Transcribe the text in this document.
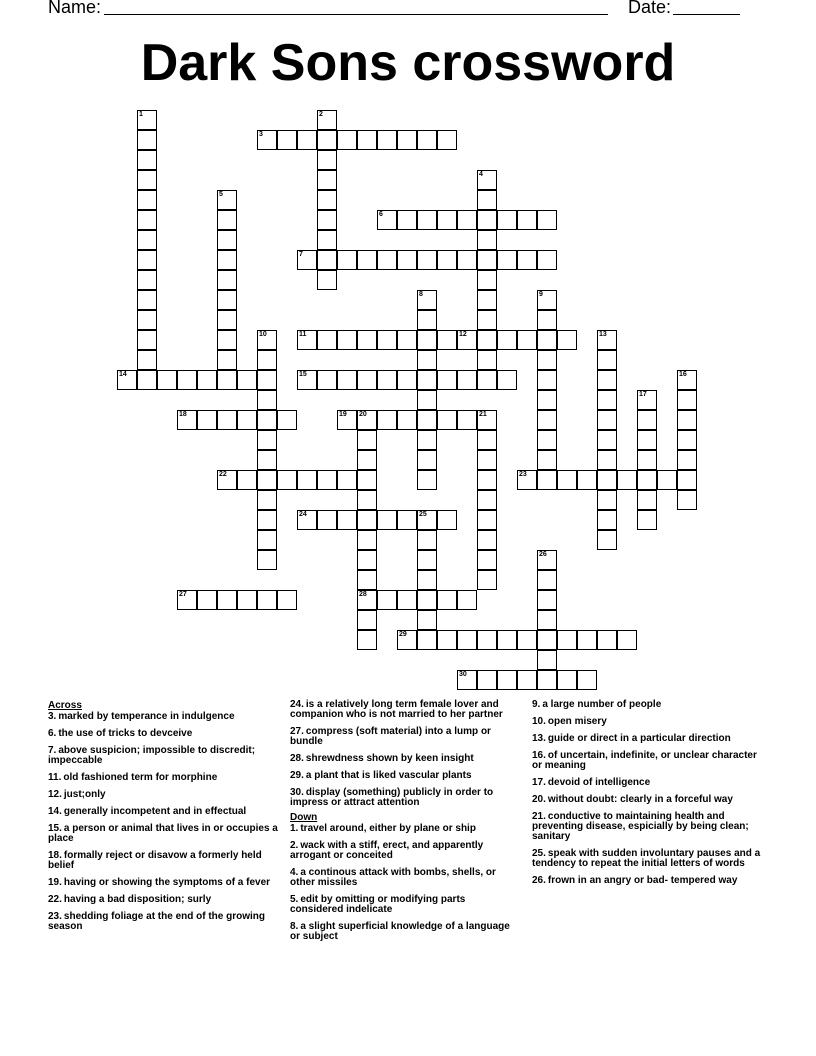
Name:	Date:
Dark Sons crossword
1	2
3
4
5
6
7
8	9
10	11	12	13
14	15	16
17
18	19 20	21
22	23
24	25
26
27	28
29
30
Across
3. marked by temperance in indulgence
6. the use of tricks to devceive
7. above suspicion; impossible to discredit; impeccable
11. old fashioned term for morphine
12. just;only
14. generally incompetent and in effectual
15. a person or animal that lives in or occupies a place
18. formally reject or disavow a formerly held belief
19. having or showing the symptoms of a fever
22. having a bad disposition; surly
23. shedding foliage at the end of the growing season
24. is a relatively long term female lover and companion who is not married to her partner
27. compress (soft material) into a lump or bundle
28. shrewdness shown by keen insight
29. a plant that is liked vascular plants
30. display (something) publicly in order to impress or attract attention
Down
1. travel around, either by plane or ship
2. wack with a stiff, erect, and apparently arrogant or conceited
4. a continous attack with bombs, shells, or other missiles
5. edit by omitting or modifying parts considered indelicate
8. a slight superficial knowledge of a language or subject
9. a large number of people
10. open misery
13. guide or direct in a particular direction
16. of uncertain, indefinite, or unclear character or meaning
17. devoid of intelligence
20. without doubt: clearly in a forceful way
21. conductive to maintaining health and preventing disease, espicially by being clean; sanitary
25. speak with sudden involuntary pauses and a tendency to repeat the initial letters of words
26. frown in an angry or bad- tempered way
